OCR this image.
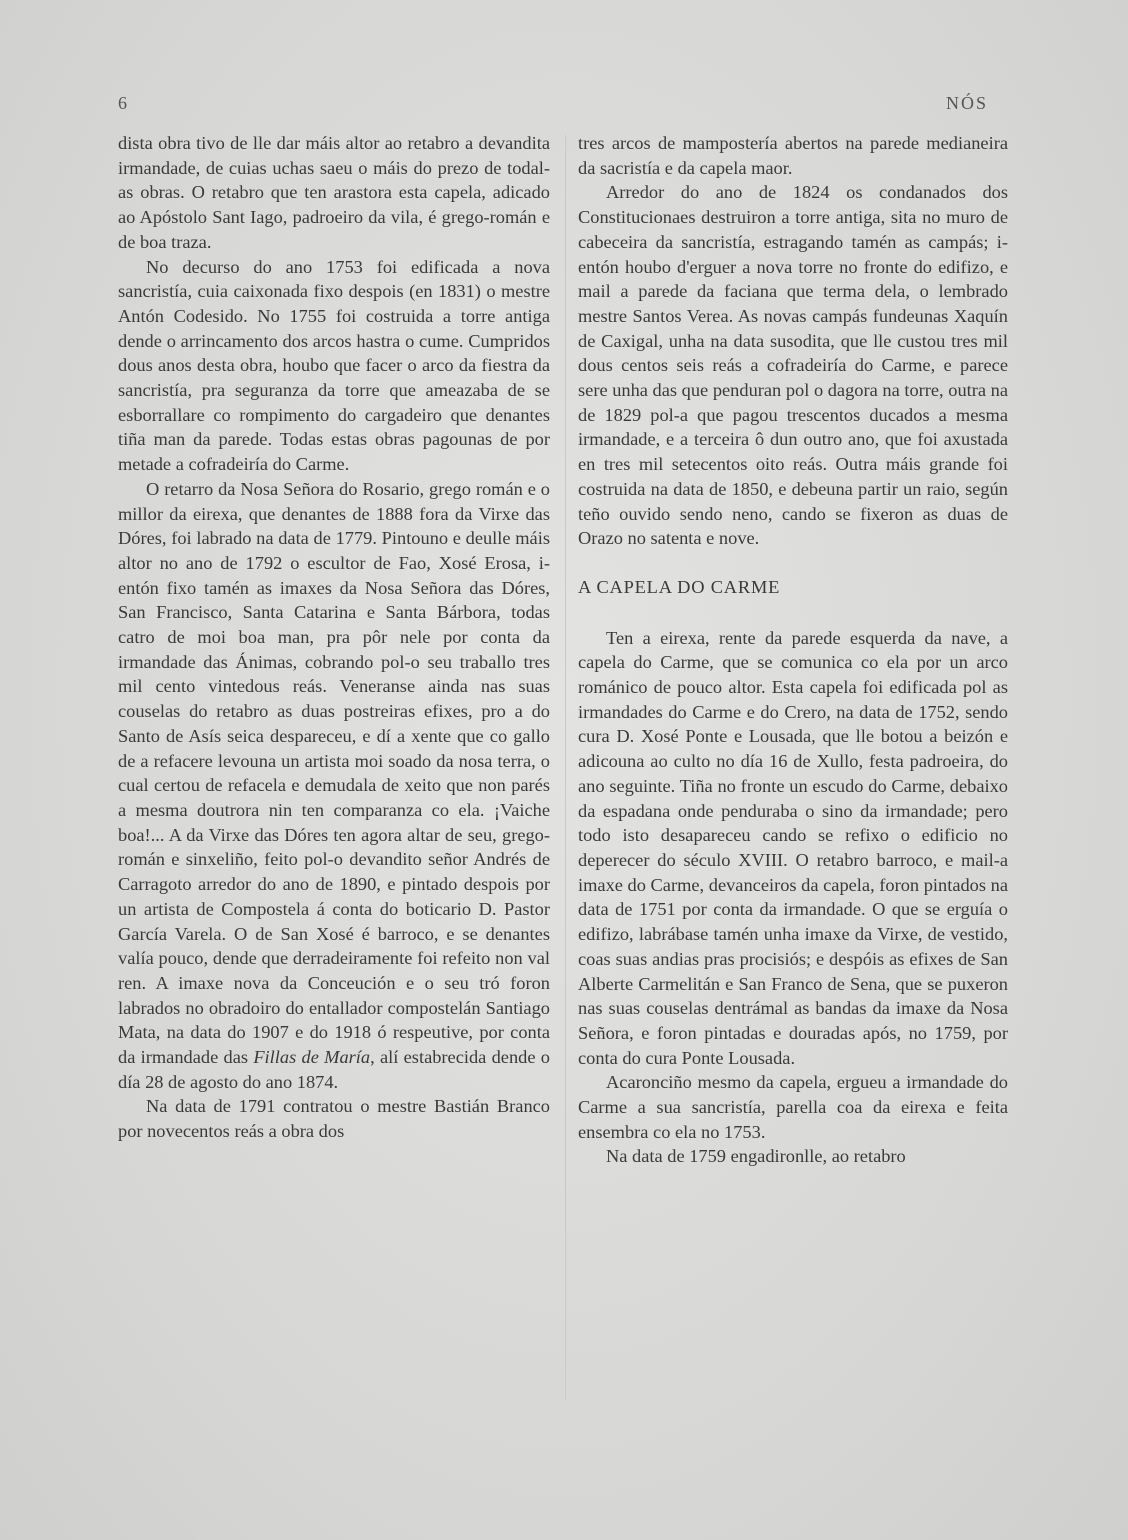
6	NÓS

dista obra tivo de lle dar máis altor ao retabro a devandita irmandade, de cuias uchas saeu o máis do prezo de todal-as obras. O retabro que ten arastora esta capela, adicado ao Apóstolo Sant Iago, padroeiro da vila, é grego-román e de boa traza.

No decurso do ano 1753 foi edificada a nova sancristía, cuia caixonada fixo despois (en 1831) o mestre Antón Codesido. No 1755 foi costruida a torre antiga dende o arrincamento dos arcos hastra o cume. Cumpridos dous anos desta obra, houbo que facer o arco da fiestra da sancristía, pra seguranza da torre que ameazaba de se esborrallare co rompimento do cargadeiro que denantes tiña man da parede. Todas estas obras pagounas de por metade a cofradeiría do Carme.

O retarro da Nosa Señora do Rosario, grego román e o millor da eirexa, que denantes de 1888 fora da Virxe das Dóres, foi labrado na data de 1779. Pintouno e deulle máis altor no ano de 1792 o escultor de Fao, Xosé Erosa, i-entón fixo tamén as imaxes da Nosa Señora das Dóres, San Francisco, Santa Catarina e Santa Bárbora, todas catro de moi boa man, pra pôr nele por conta da irmandade das Ánimas, cobrando pol-o seu traballo tres mil cento vintedous reás. Veneranse ainda nas suas couselas do retabro as duas postreiras efixes, pro a do Santo de Asís seica despareceu, e dí a xente que co gallo de a refacere levouna un artista moi soado da nosa terra, o cual certou de refacela e demudala de xeito que non parés a mesma doutrora nin ten comparanza co ela. ¡Vaiche boa!... A da Virxe das Dóres ten agora altar de seu, grego-román e sinxeliño, feito pol-o devandito señor Andrés de Carragoto arredor do ano de 1890, e pintado despois por un artista de Compostela á conta do boticario D. Pastor García Varela. O de San Xosé é barroco, e se denantes valía pouco, dende que derradeiramente foi refeito non val ren. A imaxe nova da Conceución e o seu tró foron labrados no obradoiro do entallador compostelán Santiago Mata, na data do 1907 e do 1918 ó respeutive, por conta da irmandade das Fillas de María, alí estabrecida dende o día 28 de agosto do ano 1874.

Na data de 1791 contratou o mestre Bastián Branco por novecentos reás a obra dos

tres arcos de mampostería abertos na parede medianeira da sacristía e da capela maor.

Arredor do ano de 1824 os condanados dos Constitucionaes destruiron a torre antiga, sita no muro de cabeceira da sancristía, estragando tamén as campás; i-entón houbo d'erguer a nova torre no fronte do edifizo, e mail a parede da faciana que terma dela, o lembrado mestre Santos Verea. As novas campás fundeunas Xaquín de Caxigal, unha na data susodita, que lle custou tres mil dous centos seis reás a cofradeiría do Carme, e parece sere unha das que penduran pol o dagora na torre, outra na de 1829 pol-a que pagou trescentos ducados a mesma irmandade, e a terceira ô dun outro ano, que foi axustada en tres mil setecentos oito reás. Outra máis grande foi costruida na data de 1850, e debeuna partir un raio, según teño ouvido sendo neno, cando se fixeron as duas de Orazo no satenta e nove.

A CAPELA DO CARME

Ten a eirexa, rente da parede esquerda da nave, a capela do Carme, que se comunica co ela por un arco románico de pouco altor. Esta capela foi edificada pol as irmandades do Carme e do Crero, na data de 1752, sendo cura D. Xosé Ponte e Lousada, que lle botou a beizón e adicouna ao culto no día 16 de Xullo, festa padroeira, do ano seguinte. Tiña no fronte un escudo do Carme, debaixo da espadana onde penduraba o sino da irmandade; pero todo isto desapareceu cando se refixo o edificio no deperecer do século XVIII. O retabro barroco, e mail-a imaxe do Carme, devanceiros da capela, foron pintados na data de 1751 por conta da irmandade. O que se erguía o edifizo, labrábase tamén unha imaxe da Virxe, de vestido, coas suas andias pras procisiós; e despóis as efixes de San Alberte Carmelitán e San Franco de Sena, que se puxeron nas suas couselas dentrámal as bandas da imaxe da Nosa Señora, e foron pintadas e douradas após, no 1759, por conta do cura Ponte Lousada.

Acaronciño mesmo da capela, ergueu a irmandade do Carme a sua sancristía, parella coa da eirexa e feita ensembra co ela no 1753.

Na data de 1759 engadironlle, ao retabro
